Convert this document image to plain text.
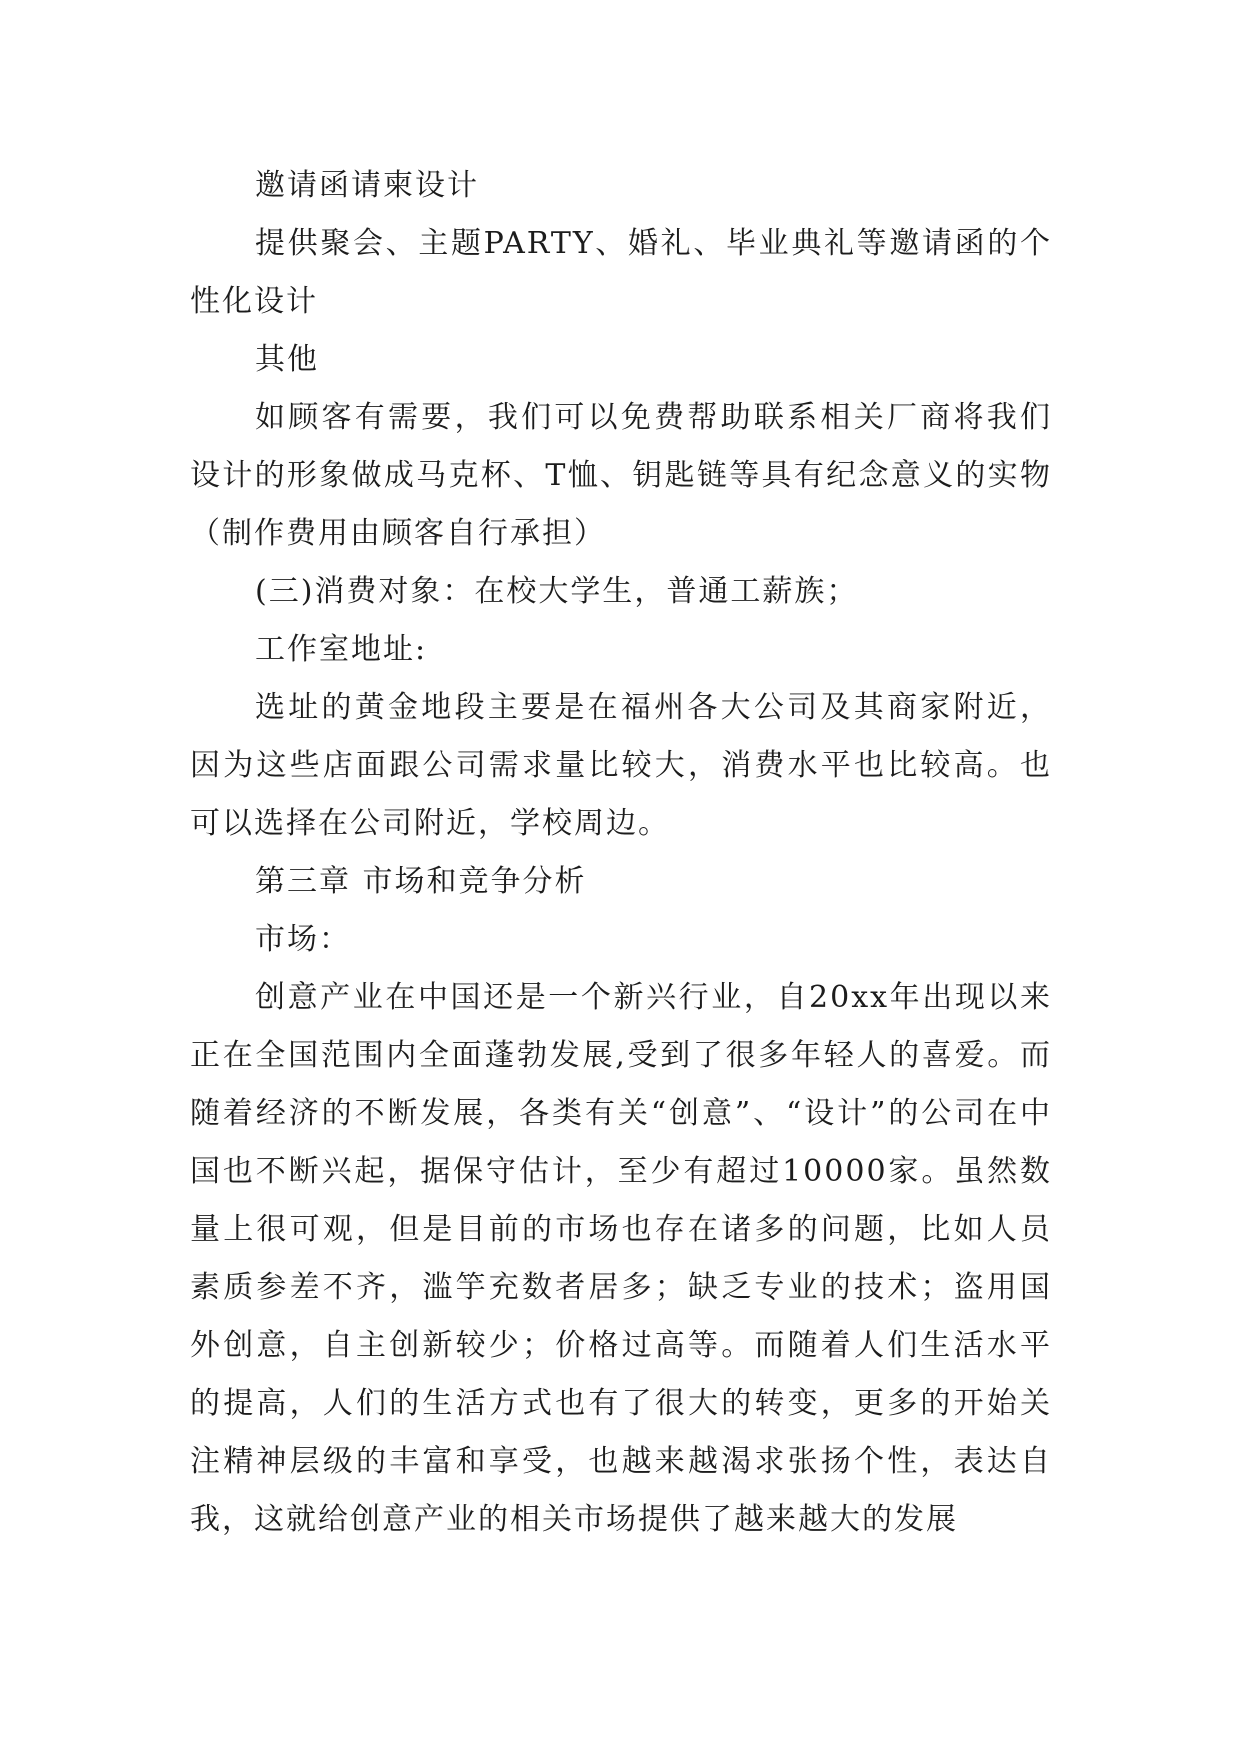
邀请函请柬设计

提供聚会、主题PARTY、婚礼、毕业典礼等邀请函的个性化设计

其他

如顾客有需要，我们可以免费帮助联系相关厂商将我们设计的形象做成马克杯、T恤、钥匙链等具有纪念意义的实物（制作费用由顾客自行承担）

(三)消费对象：在校大学生，普通工薪族；

工作室地址:

选址的黄金地段主要是在福州各大公司及其商家附近，因为这些店面跟公司需求量比较大，消费水平也比较高。也可以选择在公司附近，学校周边。

第三章 市场和竞争分析

市场：

创意产业在中国还是一个新兴行业，自20xx年出现以来正在全国范围内全面蓬勃发展,受到了很多年轻人的喜爱。而随着经济的不断发展，各类有关“创意”、“设计”的公司在中国也不断兴起，据保守估计，至少有超过10000家。虽然数量上很可观，但是目前的市场也存在诸多的问题，比如人员素质参差不齐，滥竽充数者居多；缺乏专业的技术；盗用国外创意，自主创新较少；价格过高等。而随着人们生活水平的提高，人们的生活方式也有了很大的转变，更多的开始关注精神层级的丰富和享受，也越来越渴求张扬个性，表达自我，这就给创意产业的相关市场提供了越来越大的发展
